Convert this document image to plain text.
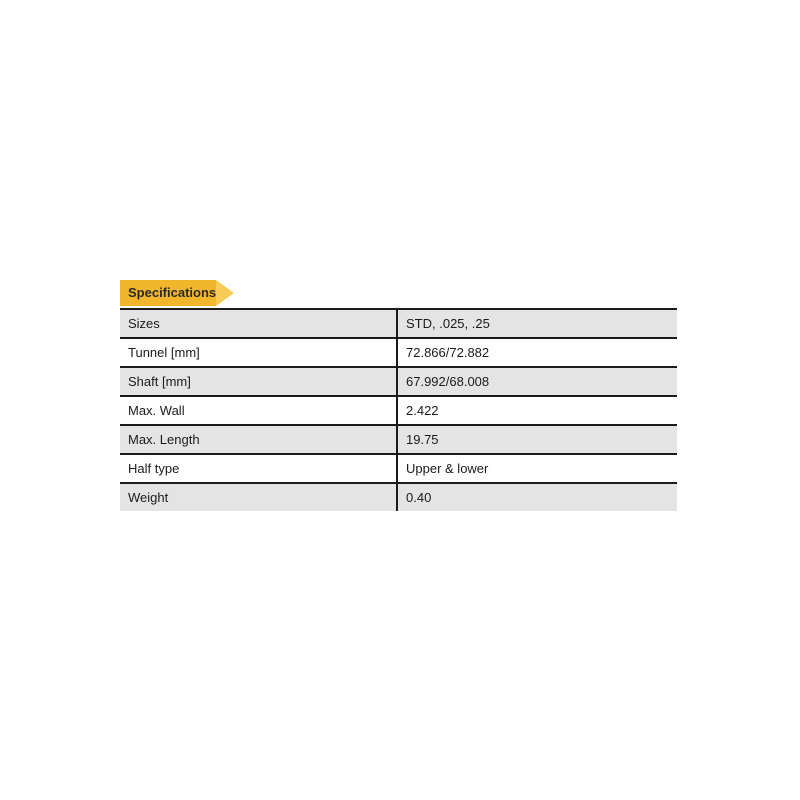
Specifications
Sizes	STD, .025, .25
Tunnel [mm]	72.866/72.882
Shaft [mm]	67.992/68.008
Max. Wall	2.422
Max. Length	19.75
Half type	Upper & lower
Weight	0.40
